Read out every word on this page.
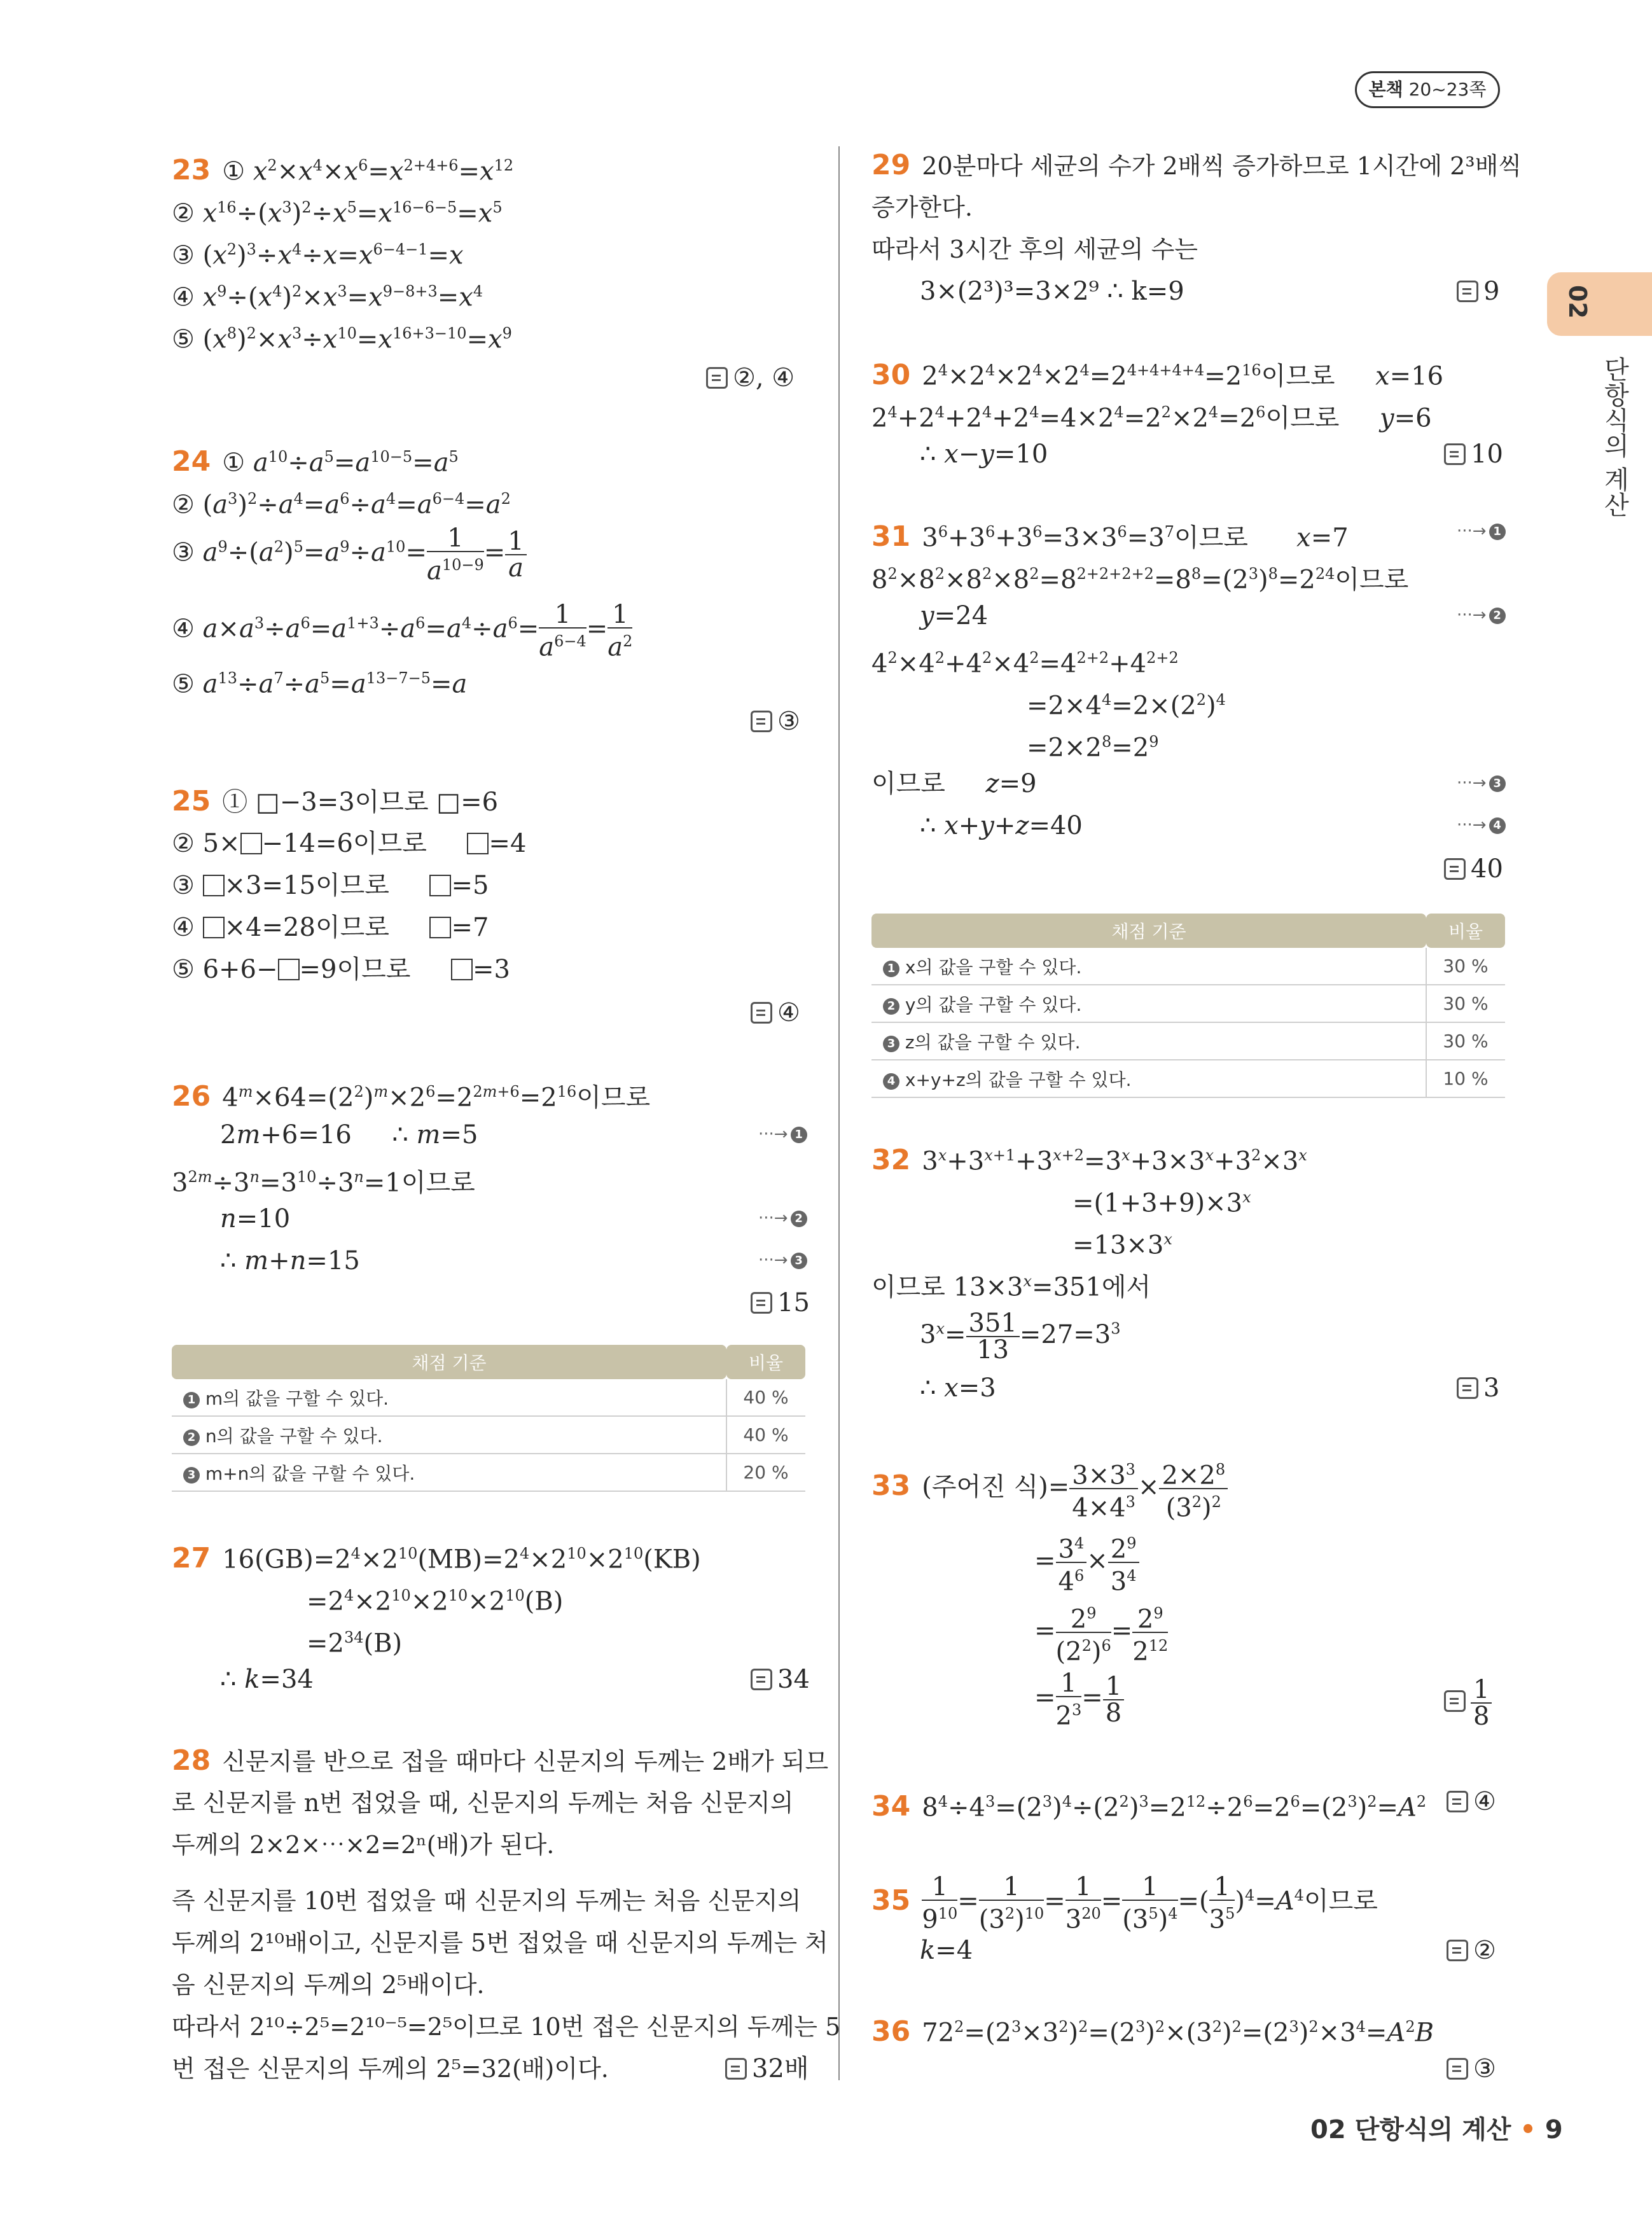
본책 20~23쪽
02
단항식의 계산
23 ① $x^2\times x^4\times x^6=x^{2+4+6}=x^{12}$
② $x^{16}\div(x^3)^2\div x^5=x^{16-6-5}=x^5$
③ $(x^2)^3\div x^4\div x=x^{6-4-1}=x$
④ $x^9\div(x^4)^2\times x^3=x^{9-8+3}=x^4$
⑤ $(x^8)^2\times x^3\div x^{10}=x^{16+3-10}=x^9$
②, ④
24 ① $a^{10}\div a^5=a^{10-5}=a^5$
② $(a^3)^2\div a^4=a^6\div a^4=a^{6-4}=a^2$
③ $a^9\div(a^2)^5=a^9\div a^{10}= \frac{1}{a^{10-9}} = \frac{1}{a}$
④ $a\times a^3\div a^6=a^{1+3}\div a^6=a^4\div a^6= \frac{1}{a^{6-4}} = \frac{1}{a^2}$
⑤ $a^{13}\div a^7\div a^5=a^{13-7-5}=a$
③
25 ① □−3=3이므로 □=6
② 5× −14=6이므로     =4
③ ×3=15이므로     =5
④ ×4=28이므로     =7
⑤ 6+6− =9이므로     =3
④
26 $4^m\times 64=(2^2)^m\times 2^6=2^{2m+6}=2^{16}$이므로
2m+6=16     ∴ m=5	···→ 1
$3^{2m}\div 3^n=3^{10}\div 3^n=1$이므로
n=10	···→ 2
∴ m+n=15	···→ 3
15
채점 기준	비율
1 m의 값을 구할 수 있다.	40 %
2 n의 값을 구할 수 있다.	40 %
3 m+n의 값을 구할 수 있다.	20 %
27 $16(GB)=2^4\times 2^{10}(MB)=2^4\times 2^{10}\times 2^{10}(KB)$
$=2^4\times 2^{10}\times 2^{10}\times 2^{10}(B)$
$=2^{34}(B)$
∴ k=34	34
28 신문지를 반으로 접을 때마다 신문지의 두께는 2배가 되므
로 신문지를 n번 접었을 때, 신문지의 두께는 처음 신문지의
두께의 2×2×⋯×2=2ⁿ(배)가 된다.
즉 신문지를 10번 접었을 때 신문지의 두께는 처음 신문지의
두께의 2¹⁰배이고, 신문지를 5번 접었을 때 신문지의 두께는 처
음 신문지의 두께의 2⁵배이다.
따라서 2¹⁰÷2⁵=2¹⁰⁻⁵=2⁵이므로 10번 접은 신문지의 두께는 5
번 접은 신문지의 두께의 2⁵=32(배)이다.	32배
29 20분마다 세균의 수가 2배씩 증가하므로 1시간에 2³배씩
증가한다.
따라서 3시간 후의 세균의 수는
3×(2³)³=3×2⁹ ∴ k=9	9
30 $2^4\times 2^4\times 2^4\times 2^4=2^{4+4+4+4}=2^{16}$이므로     x=16
$2^4+2^4+2^4+2^4=4\times 2^4=2^2\times 2^4=2^6$이므로     y=6
∴ x−y=10	10
31 $3^6+3^6+3^6=3\times 3^6=3^7$이므로      x=7	···→ 1
$8^2\times 8^2\times 8^2\times 8^2=8^{2+2+2+2}=8^8=(2^3)^8=2^{24}$이므로
y=24	···→ 2
$4^2\times 4^2+4^2\times 4^2=4^{2+2}+4^{2+2}$
$=2\times 4^4=2\times(2^2)^4$
$=2\times 2^8=2^9$
이므로     z=9	···→ 3
∴ x+y+z=40	···→ 4
40
채점 기준	비율
1 x의 값을 구할 수 있다.	30 %
2 y의 값을 구할 수 있다.	30 %
3 z의 값을 구할 수 있다.	30 %
4 x+y+z의 값을 구할 수 있다.	10 %
32 $3^x+3^{x+1}+3^{x+2}=3^x+3\times 3^x+3^2\times 3^x$
$=(1+3+9)\times 3^x$
$=13\times 3^x$
이므로 $13\times 3^x=351$에서
$3^x= \frac{351}{13} =27=3^3$
∴ x=3	3
33 (주어진 식)= $\frac{3\times 3^3}{4\times 4^3} \times \frac{2\times 2^8}{(3^2)^2}$
= $\frac{3^4}{4^6} \times \frac{2^9}{3^4}$
= $\frac{2^9}{(2^2)^6} = \frac{2^9}{2^{12}}$
= $\frac{1}{2^3} = \frac{1}{8}$	$\frac{1}{8}$
34 $8^4\div 4^3=(2^3)^4\div(2^2)^3=2^{12}\div 2^6=2^6=(2^3)^2=A^2$	④
$35 \frac{1}{9^{10}} = \frac{1}{(3^2)^{10}} = \frac{1}{3^{20}} = \frac{1}{(3^5)^4}$ =( $\frac{1}{3^5} )^4=A^4$이므로
k=4	②
36 $72^2=(2^3\times 3^2)^2=(2^3)^2\times(3^2)^2=(2^3)^2\times 3^4=A^2B$
③
02 단항식의 계산 • 9
